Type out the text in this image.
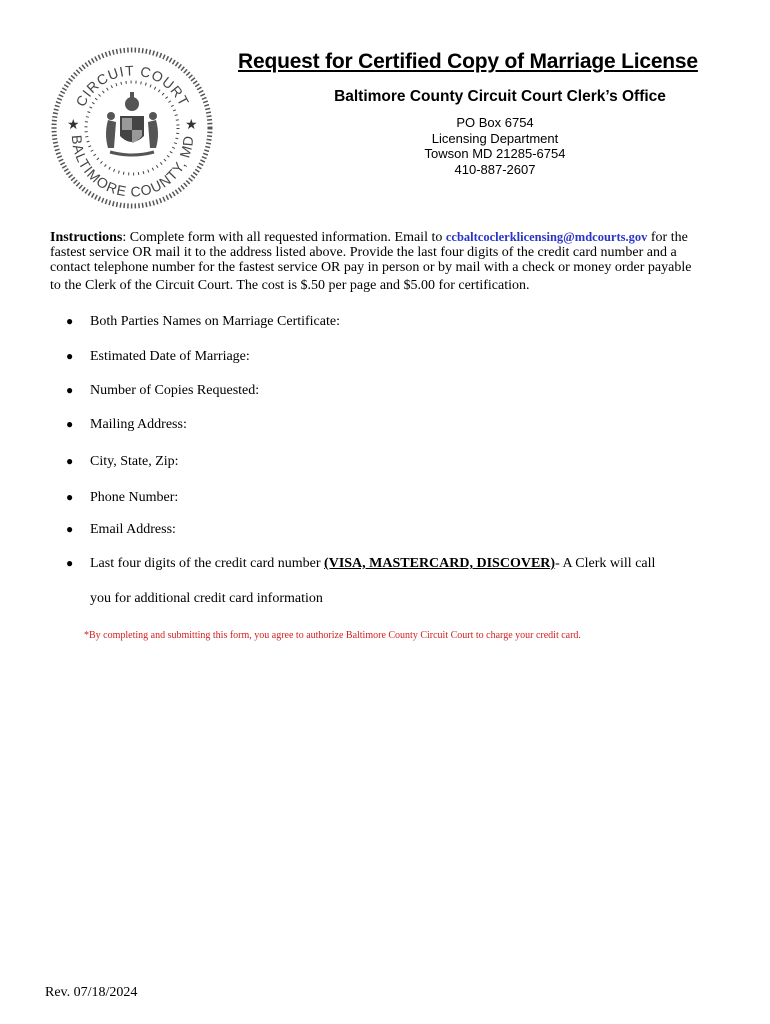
CIRCUIT COURT
BALTIMORE COUNTY, MD
★	★
Request for Certified Copy of Marriage License
Baltimore County Circuit Court Clerk’s Office
PO Box 6754
Licensing Department
Towson MD 21285-6754
410-887-2607
Instructions: Complete form with all requested information. Email to ccbaltcoclerklicensing@mdcourts.gov for the
fastest service OR mail it to the address listed above. Provide the last four digits of the credit card number and a
contact telephone number for the fastest service OR pay in person or by mail with a check or money order payable
to the Clerk of the Circuit Court. The cost is $.50 per page and $5.00 for certification.
● Both Parties Names on Marriage Certificate:
● Estimated Date of Marriage:
● Number of Copies Requested:
● Mailing Address:
● City, State, Zip:
● Phone Number:
● Email Address:
● Last four digits of the credit card number (VISA, MASTERCARD, DISCOVER)- A Clerk will call
you for additional credit card information
*By completing and submitting this form, you agree to authorize Baltimore County Circuit Court to charge your credit card.
Rev. 07/18/2024
